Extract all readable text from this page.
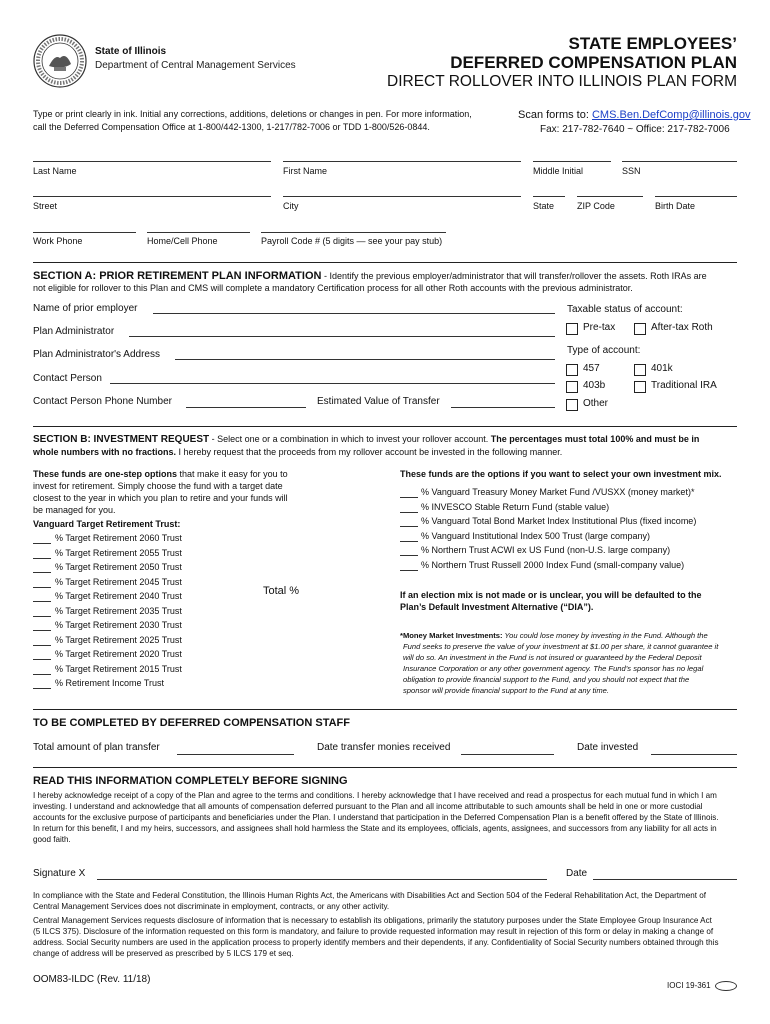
State of Illinois
Department of Central Management Services
STATE EMPLOYEES’
DEFERRED COMPENSATION PLAN
DIRECT ROLLOVER INTO ILLINOIS PLAN FORM
Type or print clearly in ink. Initial any corrections, additions, deletions or changes in pen. For more information,
call the Deferred Compensation Office at 1-800/442-1300, 1-217/782-7006 or TDD 1-800/526-0844.
Scan forms to: CMS.Ben.DefComp@illinois.gov
Fax: 217-782-7640 ~ Office: 217-782-7006
Last Name	First Name	Middle Initial	SSN
Street	City	State	ZIP Code	Birth Date
Work Phone	Home/Cell Phone	Payroll Code # (5 digits — see your pay stub)
SECTION A: PRIOR RETIREMENT PLAN INFORMATION - Identify the previous employer/administrator that will transfer/rollover the assets. Roth IRAs are
not eligible for rollover to this Plan and CMS will complete a mandatory Certification process for all other Roth accounts with the previous administrator.
Name of prior employer
Plan Administrator
Plan Administrator's Address
Contact Person
Contact Person Phone Number	Estimated Value of Transfer
Taxable status of account:
Pre-tax	After-tax Roth
Type of account:
457	401k
403b	Traditional IRA
Other
SECTION B: INVESTMENT REQUEST - Select one or a combination in which to invest your rollover account. The percentages must total 100% and must be in
whole numbers with no fractions. I hereby request that the proceeds from my rollover account be invested in the following manner.
These funds are one-step options that make it easy for you to
invest for retirement. Simply choose the fund with a target date
closest to the year in which you plan to retire and your funds will
be managed for you.
Vanguard Target Retirement Trust:
% Target Retirement 2060 Trust
% Target Retirement 2055 Trust
% Target Retirement 2050 Trust
% Target Retirement 2045 Trust
% Target Retirement 2040 Trust
% Target Retirement 2035 Trust
% Target Retirement 2030 Trust
% Target Retirement 2025 Trust
% Target Retirement 2020 Trust
% Target Retirement 2015 Trust
% Retirement Income Trust
Total %
These funds are the options if you want to select your own investment mix.
% Vanguard Treasury Money Market Fund /VUSXX (money market)*
% INVESCO Stable Return Fund (stable value)
% Vanguard Total Bond Market Index Institutional Plus (fixed income)
% Vanguard Institutional Index 500 Trust (large company)
% Northern Trust ACWI ex US Fund (non-U.S. large company)
% Northern Trust Russell 2000 Index Fund (small-company value)
If an election mix is not made or is unclear, you will be defaulted to the
Plan’s Default Investment Alternative (“DIA”).
*Money Market Investments: You could lose money by investing in the Fund. Although the
Fund seeks to preserve the value of your investment at $1.00 per share, it cannot guarantee it
will do so. An investment in the Fund is not insured or guaranteed by the Federal Deposit
Insurance Corporation or any other government agency. The Fund’s sponsor has no legal
obligation to provide financial support to the Fund, and you should not expect that the
sponsor will provide financial support to the Fund at any time.
TO BE COMPLETED BY DEFERRED COMPENSATION STAFF
Total amount of plan transfer	Date transfer monies received	Date invested
READ THIS INFORMATION COMPLETELY BEFORE SIGNING
I hereby acknowledge receipt of a copy of the Plan and agree to the terms and conditions. I hereby acknowledge that I have received and read a prospectus for each mutual fund in which I am
investing. I understand and acknowledge that all amounts of compensation deferred pursuant to the Plan and all income attributable to such amounts shall be held in one or more custodial
accounts for the exclusive purpose of participants and beneficiaries under the Plan. I understand that participation in the Deferred Compensation Plan is a benefit offered by the State of Illinois.
In return for this benefit, I and my heirs, successors, and assignees shall hold harmless the State and its employees, officials, agents, assignees, and successors from any liability for all acts in
good faith.
Signature X	Date
In compliance with the State and Federal Constitution, the Illinois Human Rights Act, the Americans with Disabilities Act and Section 504 of the Federal Rehabilitation Act, the Department of
Central Management Services does not discriminate in employment, contracts, or any other activity.
Central Management Services requests disclosure of information that is necessary to establish its obligations, primarily the statutory purposes under the State Employee Group Insurance Act
(5 ILCS 375). Disclosure of the information requested on this form is mandatory, and failure to provide requested information may result in rejection of this form or delay in making a change of
address. Social Security numbers are used in the application process to properly identify members and their dependents, if any. Confidentiality of Social Security numbers obtained through this
change of address will be preserved as prescribed by 5 ILCS 179 et seq.
OOM83-ILDC (Rev. 11/18)
IOCI 19-361
